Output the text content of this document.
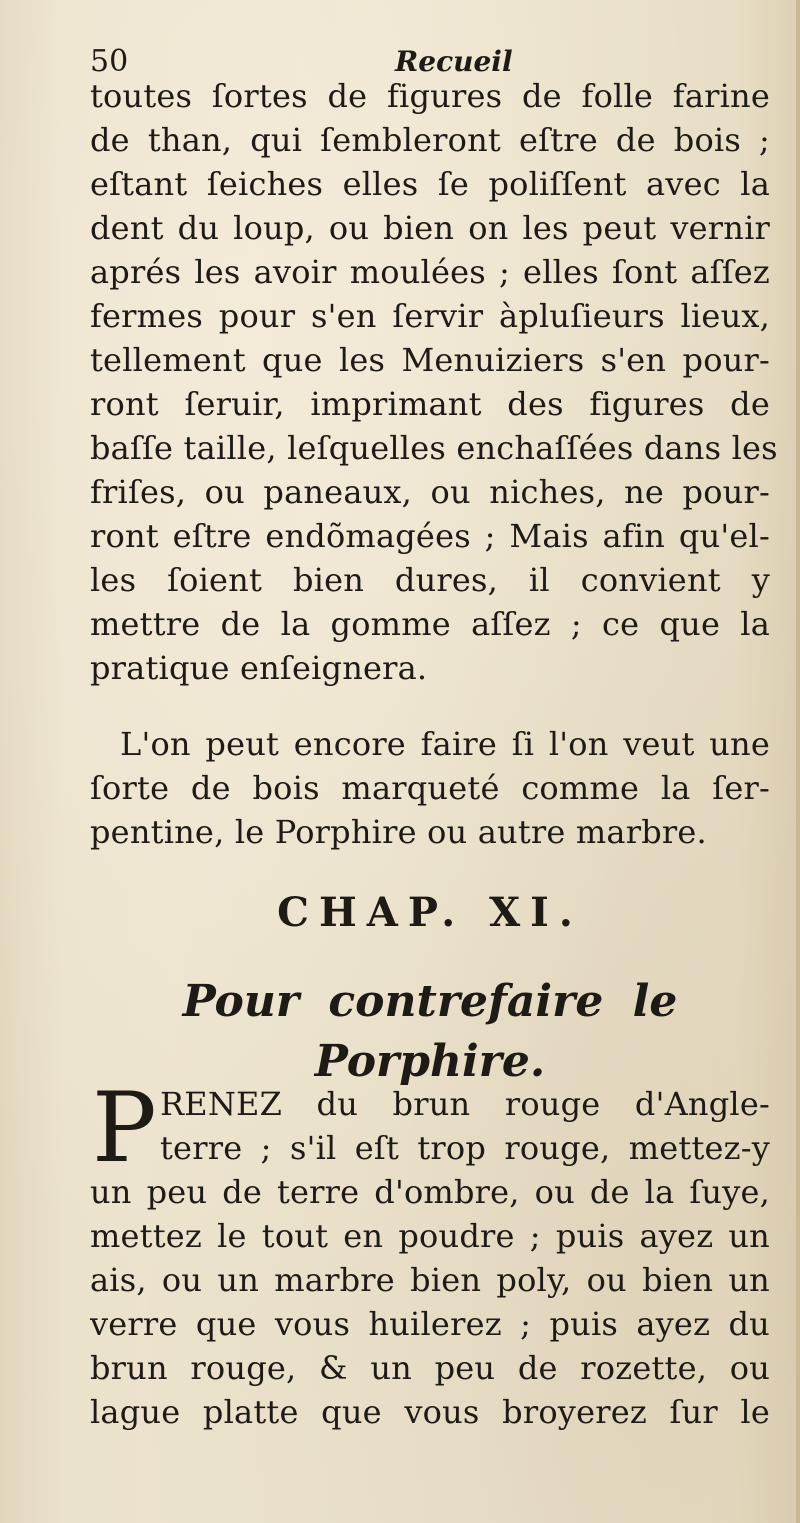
50	Recueil
toutes ſortes de figures de folle farine
de than, qui ſembleront eſtre de bois ;
eſtant ſeiches elles ſe poliſſent avec la
dent du loup, ou bien on les peut vernir
aprés les avoir moulées ; elles ſont aſſez
fermes pour s'en ſervir àpluſieurs lieux,
tellement que les Menuiziers s'en pour-
ront ſeruir, imprimant des figures de
baſſe taille, leſquelles enchaſſées dans les
friſes, ou paneaux, ou niches, ne pour-
ront eſtre endõmagées ; Mais afin qu'el-
les ſoient bien dures, il convient y
mettre de la gomme aſſez ; ce que la
pratique enſeignera.
L'on peut encore faire ſi l'on veut une
ſorte de bois marqueté comme la ſer-
pentine, le Porphire ou autre marbre.
CHAP. XI.
Pour contrefaire le Porphire.
P RENEZ du brun rouge d'Angle-
terre ; s'il eſt trop rouge, mettez-y
un peu de terre d'ombre, ou de la ſuye,
mettez le tout en poudre ; puis ayez un
ais, ou un marbre bien poly, ou bien un
verre que vous huilerez ; puis ayez du
brun rouge, & un peu de rozette, ou
lague platte que vous broyerez ſur le
